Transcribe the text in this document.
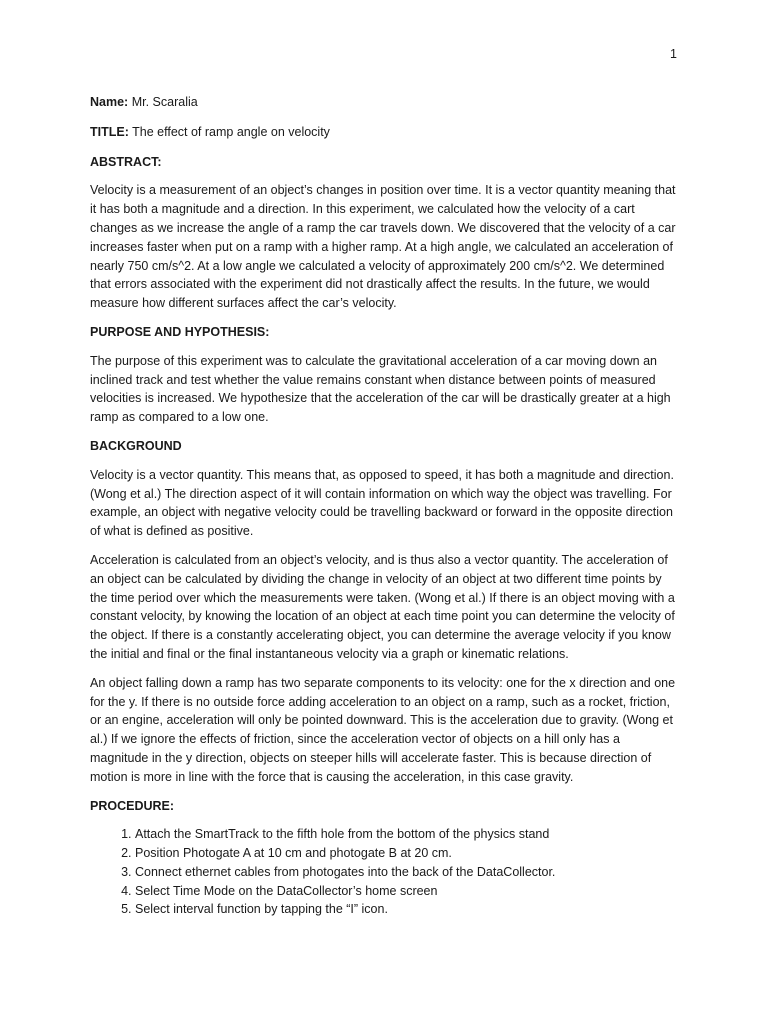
1
Name: Mr. Scaralia
TITLE: The effect of ramp angle on velocity
ABSTRACT:

Velocity is a measurement of an object’s changes in position over time. It is a vector quantity meaning that it has both a magnitude and a direction. In this experiment, we calculated how the velocity of a cart changes as we increase the angle of a ramp the car travels down. We discovered that the velocity of a car increases faster when put on a ramp with a higher ramp. At a high angle, we calculated an acceleration of nearly 750 cm/s^2. At a low angle we calculated a velocity of approximately 200 cm/s^2. We determined that errors associated with the experiment did not drastically affect the results. In the future, we would measure how different surfaces affect the car’s velocity.

PURPOSE AND HYPOTHESIS:

The purpose of this experiment was to calculate the gravitational acceleration of a car moving down an inclined track and test whether the value remains constant when distance between points of measured velocities is increased. We hypothesize that the acceleration of the car will be drastically greater at a high ramp as compared to a low one.

BACKGROUND

Velocity is a vector quantity. This means that, as opposed to speed, it has both a magnitude and direction. (Wong et al.) The direction aspect of it will contain information on which way the object was travelling. For example, an object with negative velocity could be travelling backward or forward in the opposite direction of what is defined as positive.

Acceleration is calculated from an object’s velocity, and is thus also a vector quantity. The acceleration of an object can be calculated by dividing the change in velocity of an object at two different time points by the time period over which the measurements were taken. (Wong et al.) If there is an object moving with a constant velocity, by knowing the location of an object at each time point you can determine the velocity of the object. If there is a constantly accelerating object, you can determine the average velocity if you know the initial and final or the final instantaneous velocity via a graph or kinematic relations.

An object falling down a ramp has two separate components to its velocity: one for the x direction and one for the y. If there is no outside force adding acceleration to an object on a ramp, such as a rocket, friction, or an engine, acceleration will only be pointed downward. This is the acceleration due to gravity. (Wong et al.) If we ignore the effects of friction, since the acceleration vector of objects on a hill only has a magnitude in the y direction, objects on steeper hills will accelerate faster. This is because direction of motion is more in line with the force that is causing the acceleration, in this case gravity.

PROCEDURE:
1. Attach the SmartTrack to the fifth hole from the bottom of the physics stand
2. Position Photogate A at 10 cm and photogate B at 20 cm.
3. Connect ethernet cables from photogates into the back of the DataCollector.
4. Select Time Mode on the DataCollector’s home screen
5. Select interval function by tapping the “I” icon.
